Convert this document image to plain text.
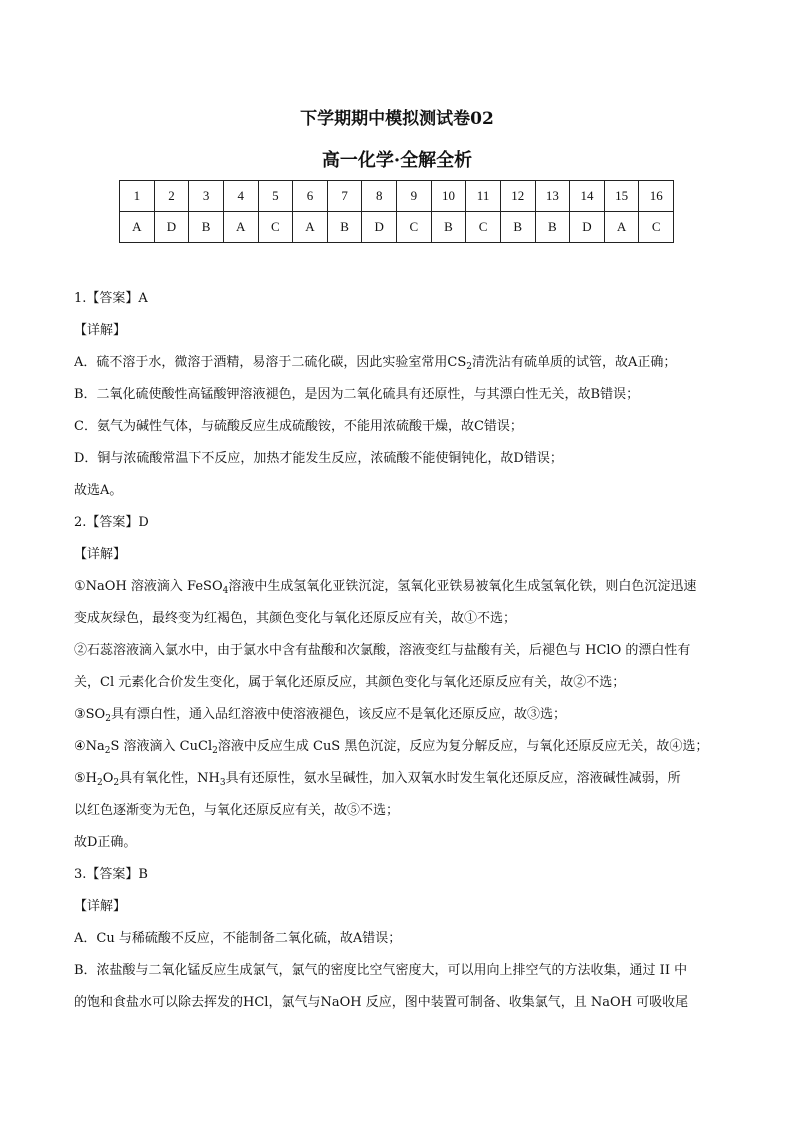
下学期期中模拟测试卷02
高一化学·全解全析
1	2	3	4	5	6	7	8	9	10	11	12	13	14	15	16
A	D	B	A	C	A	B	D	C	B	C	B	B	D	A	C
1.【答案】A
【详解】
A．硫不溶于水，微溶于酒精，易溶于二硫化碳，因此实验室常用$CS_2$清洗沾有硫单质的试管，故A正确；
B．二氧化硫使酸性高锰酸钾溶液褪色，是因为二氧化硫具有还原性，与其漂白性无关，故B错误；
C．氨气为碱性气体，与硫酸反应生成硫酸铵，不能用浓硫酸干燥，故C错误；
D．铜与浓硫酸常温下不反应，加热才能发生反应，浓硫酸不能使铜钝化，故D错误；
故选A。
2.【答案】D
【详解】
①NaOH 溶液滴入 FeSO$_4$溶液中生成氢氧化亚铁沉淀，氢氧化亚铁易被氧化生成氢氧化铁，则白色沉淀迅速
变成灰绿色，最终变为红褐色，其颜色变化与氧化还原反应有关，故①不选；
②石蕊溶液滴入氯水中，由于氯水中含有盐酸和次氯酸，溶液变红与盐酸有关，后褪色与 HClO 的漂白性有
关，Cl 元素化合价发生变化，属于氧化还原反应，其颜色变化与氧化还原反应有关，故②不选；
$③SO_2$具有漂白性，通入品红溶液中使溶液褪色，该反应不是氧化还原反应，故③选；
$④Na_2S$ 溶液滴入 CuCl$_2$溶液中反应生成 CuS 黑色沉淀，反应为复分解反应，与氧化还原反应无关，故④选；
$⑤H_2O_2$具有氧化性，$NH_3$具有还原性，氨水呈碱性，加入双氧水时发生氧化还原反应，溶液碱性减弱，所
以红色逐渐变为无色，与氧化还原反应有关，故⑤不选；
故D正确。
3.【答案】B
【详解】
A．Cu 与稀硫酸不反应，不能制备二氧化硫，故A错误；
B．浓盐酸与二氧化锰反应生成氯气，氯气的密度比空气密度大，可以用向上排空气的方法收集，通过 II 中
的饱和食盐水可以除去挥发的HCl，氯气与NaOH 反应，图中装置可制备、收集氯气，且 NaOH 可吸收尾
